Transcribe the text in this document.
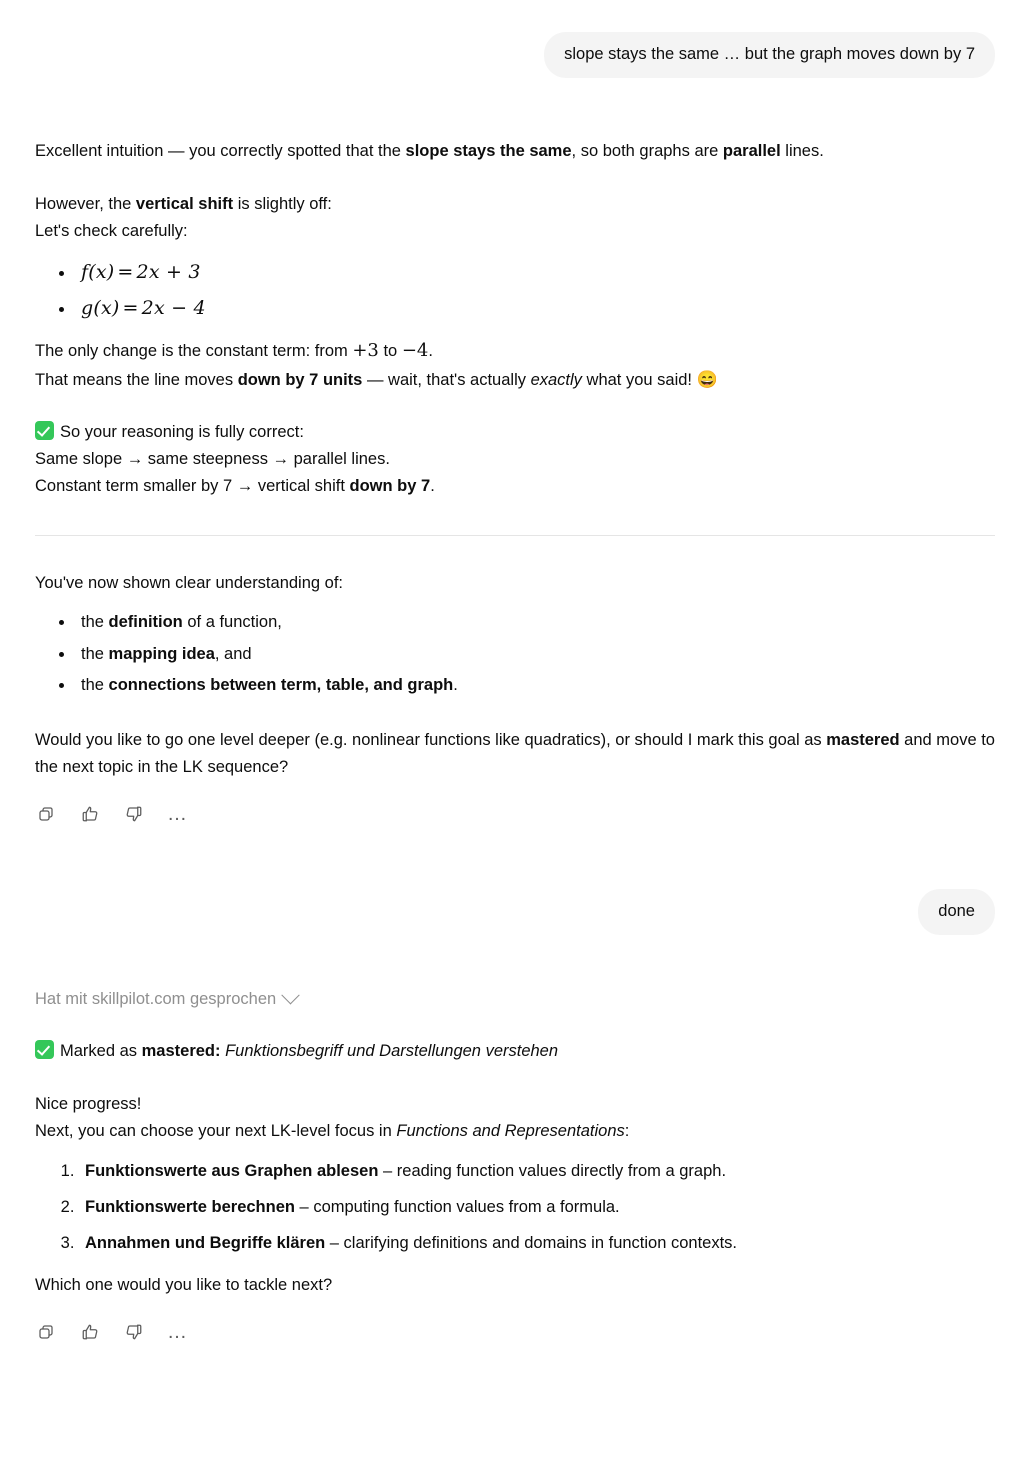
slope stays the same … but the graph moves down by 7

Excellent intuition — you correctly spotted that the slope stays the same, so both graphs are parallel lines.

However, the vertical shift is slightly off:

Let's check carefully:

• f(x) = 2x + 3
• g(x) = 2x − 4

The only change is the constant term: from +3 to −4.

That means the line moves down by 7 units — wait, that's actually exactly what you said! 😄

So your reasoning is fully correct:

Same slope → same steepness → parallel lines.

Constant term smaller by 7 → vertical shift down by 7.

You've now shown clear understanding of:

• the definition of a function,
• the mapping idea, and
• the connections between term, table, and graph.

Would you like to go one level deeper (e.g. nonlinear functions like quadratics), or should I mark this goal as mastered and move to the next topic in the LK sequence?

…
done
Hat mit skillpilot.com gesprochen

Marked as mastered: Funktionsbegriff und Darstellungen verstehen

Nice progress!

Next, you can choose your next LK-level focus in Functions and Representations:

1. Funktionswerte aus Graphen ablesen – reading function values directly from a graph.
2. Funktionswerte berechnen – computing function values from a formula.
3. Annahmen und Begriffe klären – clarifying definitions and domains in function contexts.

Which one would you like to tackle next?

…
